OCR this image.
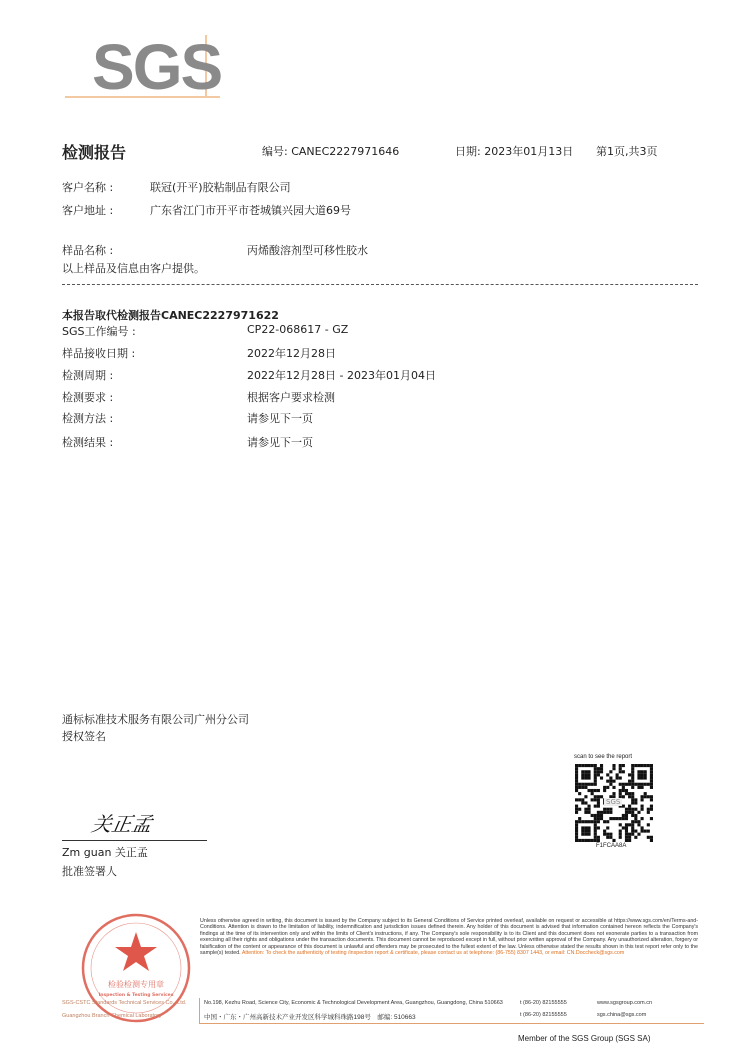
SGS
检测报告	编号: CANEC2227971646	日期: 2023年01月13日 第1页,共3页
客户名称 :	联冠(开平)胶粘制品有限公司
客户地址 :	广东省江门市开平市苍城镇兴园大道69号
样品名称 :	丙烯酸溶剂型可移性胶水
以上样品及信息由客户提供。
本报告取代检测报告CANEC2227971622
SGS工作编号 :	CP22-068617 - GZ
样品接收日期 :	2022年12月28日
检测周期 :	2022年12月28日 - 2023年01月04日
检测要求 :	根据客户要求检测
检测方法 :	请参见下一页
检测结果 :	请参见下一页
通标标准技术服务有限公司广州分公司
授权签名
关正孟
Zm guan 关正孟
批准签署人
scan to see the report
SGS
F1FCAA8A
检验检测专用章
Inspection & Testing Services
SGS-CSTC Standards Technical Services Co., Ltd.
Guangzhou Branch Chemical Laboratory
Unless otherwise agreed in writing, this document is issued by the Company subject to its General Conditions of Service printed overleaf, available on request or accessible at https://www.sgs.com/en/Terms-and-Conditions. Attention is drawn to the limitation of liability, indemnification and jurisdiction issues defined therein. Any holder of this document is advised that information contained hereon reflects the Company's findings at the time of its intervention only and within the limits of Client's instructions, if any. The Company's sole responsibility is to its Client and this document does not exonerate parties to a transaction from exercising all their rights and obligations under the transaction documents. This document cannot be reproduced except in full, without prior written approval of the Company. Any unauthorized alteration, forgery or falsification of the content or appearance of this document is unlawful and offenders may be prosecuted to the fullest extent of the law. Unless otherwise stated the results shown in this test report refer only to the sample(s) tested. Attention: To check the authenticity of testing /inspection report & certificate, please contact us at telephone: (86-755) 8307 1443, or email: CN.Doccheck@sgs.com
No.198, Kezhu Road, Science City, Economic & Technological Development Area, Guangzhou, Guangdong, China 510663
中国・广东・广州高新技术产业开发区科学城科珠路198号　邮编: 510663
t (86-20) 82155555
t (86-20) 82155555
www.sgsgroup.com.cn
sgs.china@sgs.com
Member of the SGS Group (SGS SA)
